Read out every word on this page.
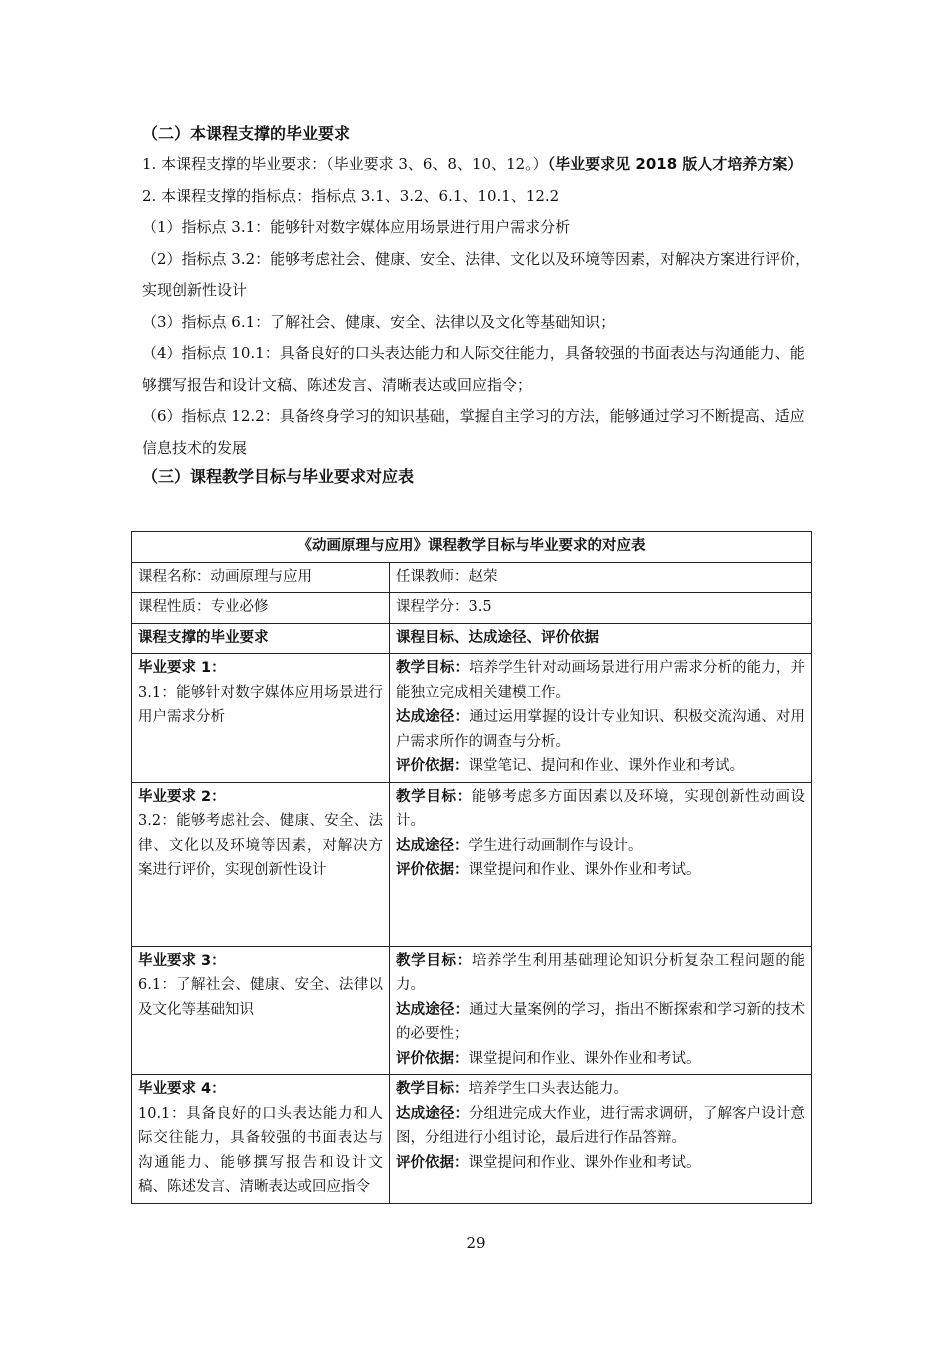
（二）本课程支撑的毕业要求

1. 本课程支撑的毕业要求：（毕业要求 3、6、8、10、12。）（毕业要求见 2018 版人才培养方案）

2. 本课程支撑的指标点：指标点 3.1、3.2、6.1、10.1、12.2

（1）指标点 3.1：能够针对数字媒体应用场景进行用户需求分析

（2）指标点 3.2：能够考虑社会、健康、安全、法律、文化以及环境等因素，对解决方案进行评价，实现创新性设计

（3）指标点 6.1：了解社会、健康、安全、法律以及文化等基础知识；

（4）指标点 10.1：具备良好的口头表达能力和人际交往能力，具备较强的书面表达与沟通能力、能够撰写报告和设计文稿、陈述发言、清晰表达或回应指令；

（6）指标点 12.2：具备终身学习的知识基础，掌握自主学习的方法，能够通过学习不断提高、适应信息技术的发展

（三）课程教学目标与毕业要求对应表
《动画原理与应用》课程教学目标与毕业要求的对应表	
课程名称：动画原理与应用	任课教师：赵荣
课程性质：专业必修	课程学分：3.5
课程支撑的毕业要求	课程目标、达成途径、评价依据

毕业要求 1：
3.1：能够针对数字媒体应用场景进行用户需求分析	教学目标：培养学生针对动画场景进行用户需求分析的能力，并能独立完成相关建模工作。
达成途径：通过运用掌握的设计专业知识、积极交流沟通、对用户需求所作的调查与分析。
评价依据：课堂笔记、提问和作业、课外作业和考试。

毕业要求 2：
3.2：能够考虑社会、健康、安全、法律、文化以及环境等因素，对解决方案进行评价，实现创新性设计	教学目标：能够考虑多方面因素以及环境，实现创新性动画设计。
达成途径：学生进行动画制作与设计。
评价依据：课堂提问和作业、课外作业和考试。

毕业要求 3：
6.1：了解社会、健康、安全、法律以及文化等基础知识	教学目标：培养学生利用基础理论知识分析复杂工程问题的能力。
达成途径：通过大量案例的学习，指出不断探索和学习新的技术的必要性；
评价依据：课堂提问和作业、课外作业和考试。

毕业要求 4：
10.1：具备良好的口头表达能力和人际交往能力，具备较强的书面表达与沟通能力、能够撰写报告和设计文稿、陈述发言、清晰表达或回应指令	教学目标：培养学生口头表达能力。
达成途径：分组进完成大作业，进行需求调研，了解客户设计意图，分组进行小组讨论，最后进行作品答辩。
评价依据：课堂提问和作业、课外作业和考试。
29
